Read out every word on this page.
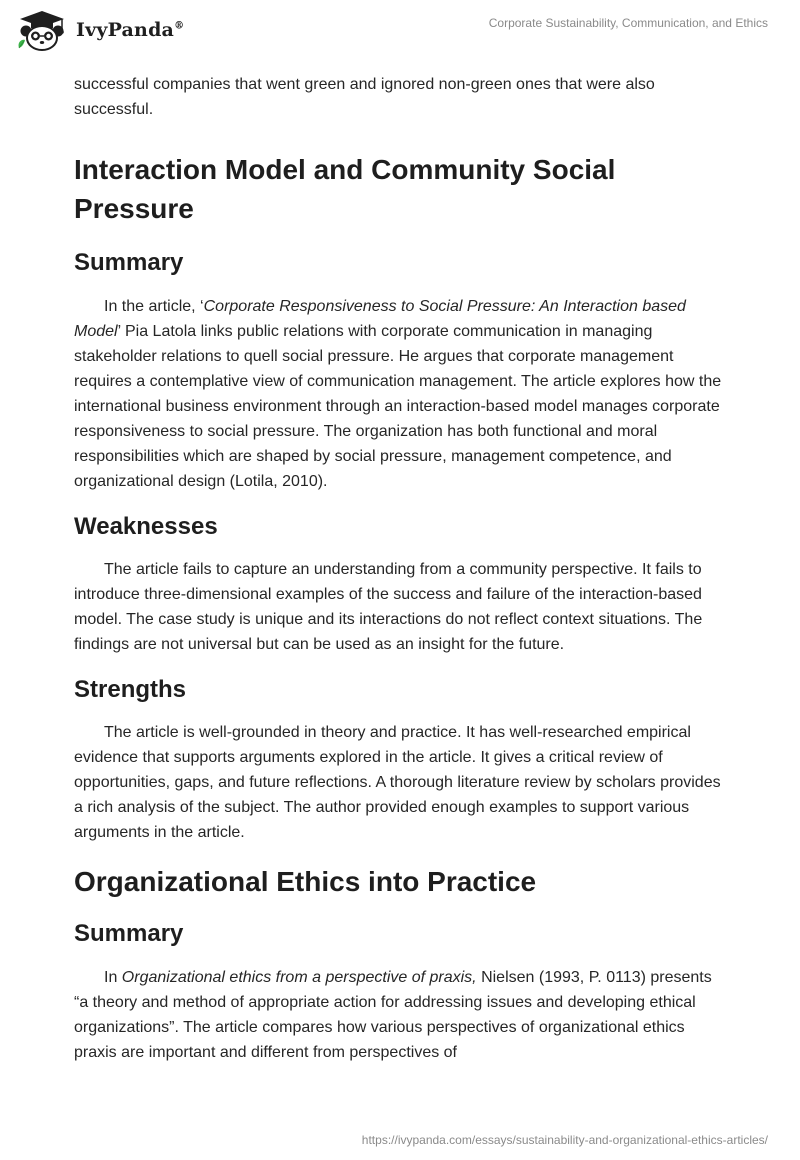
IvyPanda®	Corporate Sustainability, Communication, and Ethics

successful companies that went green and ignored non-green ones that were also successful.

Interaction Model and Community Social Pressure
Summary

In the article, ‘Corporate Responsiveness to Social Pressure: An Interaction based Model’ Pia Latola links public relations with corporate communication in managing stakeholder relations to quell social pressure. He argues that corporate management requires a contemplative view of communication management. The article explores how the international business environment through an interaction-based model manages corporate responsiveness to social pressure. The organization has both functional and moral responsibilities which are shaped by social pressure, management competence, and organizational design (Lotila, 2010).

Weaknesses

The article fails to capture an understanding from a community perspective. It fails to introduce three-dimensional examples of the success and failure of the interaction-based model. The case study is unique and its interactions do not reflect context situations. The findings are not universal but can be used as an insight for the future.

Strengths

The article is well-grounded in theory and practice. It has well-researched empirical evidence that supports arguments explored in the article. It gives a critical review of opportunities, gaps, and future reflections. A thorough literature review by scholars provides a rich analysis of the subject. The author provided enough examples to support various arguments in the article.

Organizational Ethics into Practice
Summary

In Organizational ethics from a perspective of praxis, Nielsen (1993, P. 0113) presents “a theory and method of appropriate action for addressing issues and developing ethical organizations”. The article compares how various perspectives of organizational ethics praxis are important and different from perspectives of

https://ivypanda.com/essays/sustainability-and-organizational-ethics-articles/
